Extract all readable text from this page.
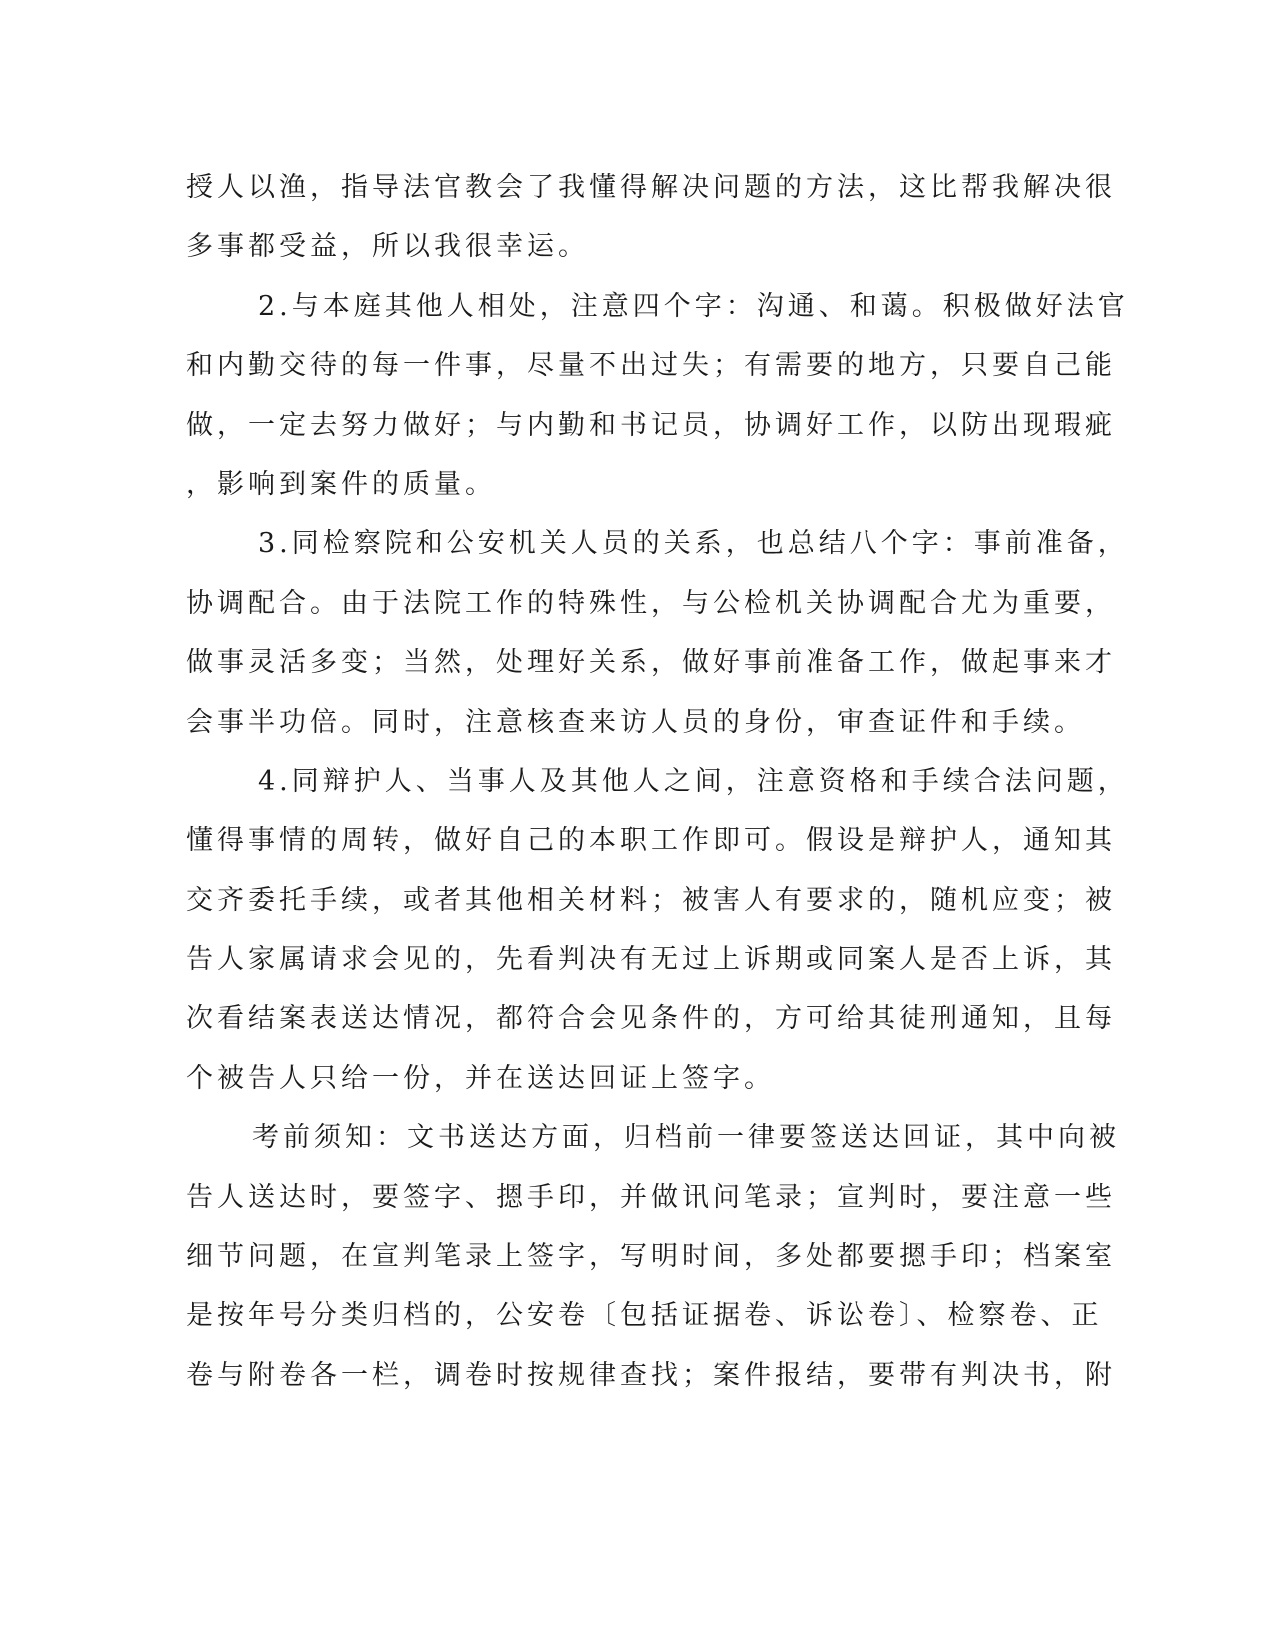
授人以渔，指导法官教会了我懂得解决问题的方法，这比帮我解决很
多事都受益，所以我很幸运。
2.与本庭其他人相处，注意四个字：沟通、和蔼。积极做好法官
和内勤交待的每一件事，尽量不出过失；有需要的地方，只要自己能
做，一定去努力做好；与内勤和书记员，协调好工作，以防出现瑕疵
，影响到案件的质量。
3.同检察院和公安机关人员的关系，也总结八个字：事前准备，
协调配合。由于法院工作的特殊性，与公检机关协调配合尤为重要，
做事灵活多变；当然，处理好关系，做好事前准备工作，做起事来才
会事半功倍。同时，注意核查来访人员的身份，审查证件和手续。
4.同辩护人、当事人及其他人之间，注意资格和手续合法问题，
懂得事情的周转，做好自己的本职工作即可。假设是辩护人，通知其
交齐委托手续，或者其他相关材料；被害人有要求的，随机应变；被
告人家属请求会见的，先看判决有无过上诉期或同案人是否上诉，其
次看结案表送达情况，都符合会见条件的，方可给其徒刑通知，且每
个被告人只给一份，并在送达回证上签字。
考前须知：文书送达方面，归档前一律要签送达回证，其中向被
告人送达时，要签字、摁手印，并做讯问笔录；宣判时，要注意一些
细节问题，在宣判笔录上签字，写明时间，多处都要摁手印；档案室
是按年号分类归档的，公安卷〔包括证据卷、诉讼卷〕、检察卷、正
卷与附卷各一栏，调卷时按规律查找；案件报结，要带有判决书，附
